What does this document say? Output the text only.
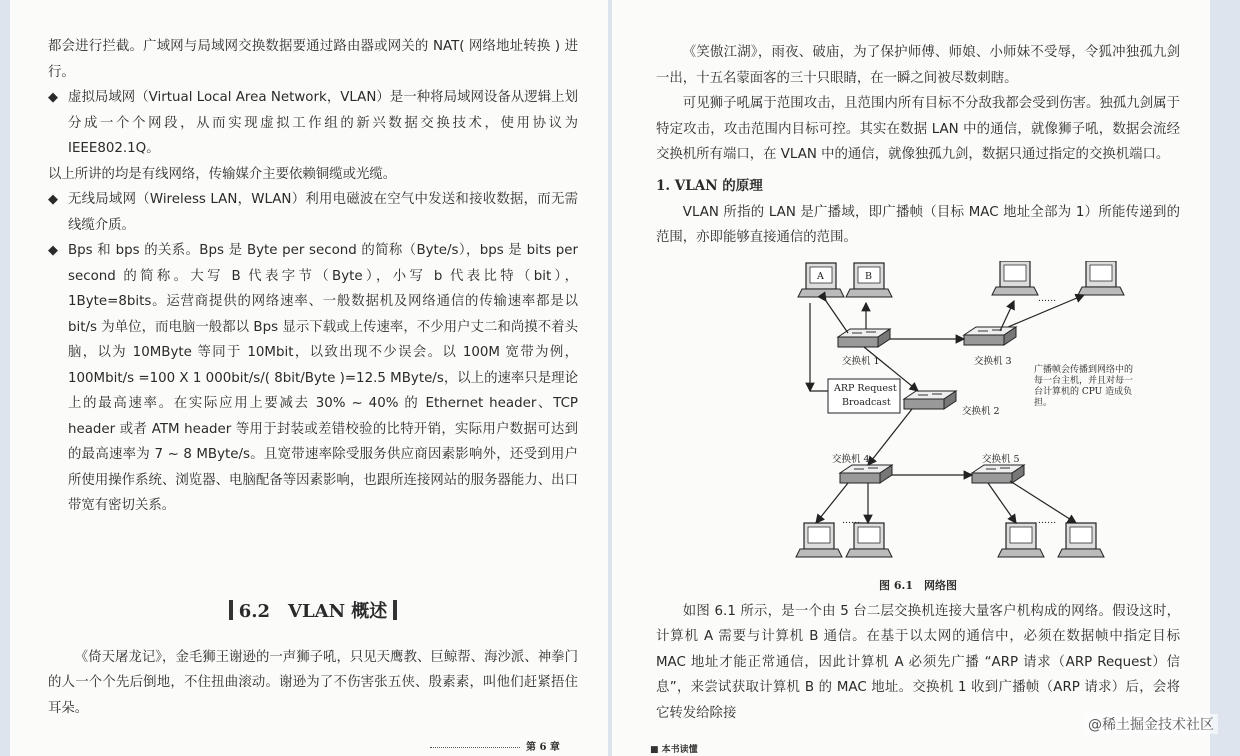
都会进行拦截。广域网与局域网交换数据要通过路由器或网关的 NAT( 网络地址转换 ) 进行。

◆ 虚拟局域网（Virtual Local Area Network，VLAN）是一种将局域网设备从逻辑上划分成一个个网段，从而实现虚拟工作组的新兴数据交换技术，使用协议为 IEEE802.1Q。

以上所讲的均是有线网络，传输媒介主要依赖铜缆或光缆。

◆ 无线局域网（Wireless LAN，WLAN）利用电磁波在空气中发送和接收数据，而无需线缆介质。

◆ Bps 和 bps 的关系。Bps 是 Byte per second 的简称（Byte/s），bps 是 bits per second 的简称。大写 B 代表字节（Byte），小写 b 代表比特（bit），1Byte=8bits。运营商提供的网络速率、一般数据机及网络通信的传输速率都是以 bit/s 为单位，而电脑一般都以 Bps 显示下载或上传速率，不少用户丈二和尚摸不着头脑，以为 10MByte 等同于 10Mbit，以致出现不少误会。以 100M 宽带为例，100Mbit/s =100 X 1 000bit/s/( 8bit/Byte )=12.5 MByte/s，以上的速率只是理论上的最高速率。在实际应用上要减去 30% ~ 40% 的 Ethernet header、TCP header 或者 ATM header 等用于封装或差错校验的比特开销，实际用户数据可达到的最高速率为 7 ~ 8 MByte/s。且宽带速率除受服务供应商因素影响外，还受到用户所使用操作系统、浏览器、电脑配备等因素影响，也跟所连接网站的服务器能力、出口带宽有密切关系。

6.2　VLAN 概述

《倚天屠龙记》，金毛狮王谢逊的一声狮子吼，只见天鹰教、巨鲸帮、海沙派、神拳门的人一个个先后倒地，不住扭曲滚动。谢逊为了不伤害张五侠、殷素素，叫他们赶紧捂住耳朵。

第 6 章

《笑傲江湖》，雨夜、破庙，为了保护师傅、师娘、小师妹不受辱，令狐冲独孤九剑一出，十五名蒙面客的三十只眼睛，在一瞬之间被尽数刺瞎。

可见狮子吼属于范围攻击，且范围内所有目标不分敌我都会受到伤害。独孤九剑属于特定攻击，攻击范围内目标可控。其实在数据 LAN 中的通信，就像狮子吼，数据会流经交换机所有端口，在 VLAN 中的通信，就像独孤九剑，数据只通过指定的交换机端口。

1. VLAN 的原理

VLAN 所指的 LAN 是广播域，即广播帧（目标 MAC 地址全部为 1）所能传递到的范围，亦即能够直接通信的范围。

A	B
......
交换机 1	交换机 3
交换机 2
交换机 4	交换机 5
ARP Request
Broadcast
......	......
广播帧会传播到网络中的每一台主机，并且对每一台计算机的 CPU 造成负担。
图 6.1　网络图

如图 6.1 所示，是一个由 5 台二层交换机连接大量客户机构成的网络。假设这时，计算机 A 需要与计算机 B 通信。在基于以太网的通信中，必须在数据帧中指定目标 MAC 地址才能正常通信，因此计算机 A 必须先广播 “ARP 请求（ARP Request）信息”，来尝试获取计算机 B 的 MAC 地址。交换机 1 收到广播帧（ARP 请求）后，会将它转发给除接

■ 本书读懂
@稀土掘金技术社区
